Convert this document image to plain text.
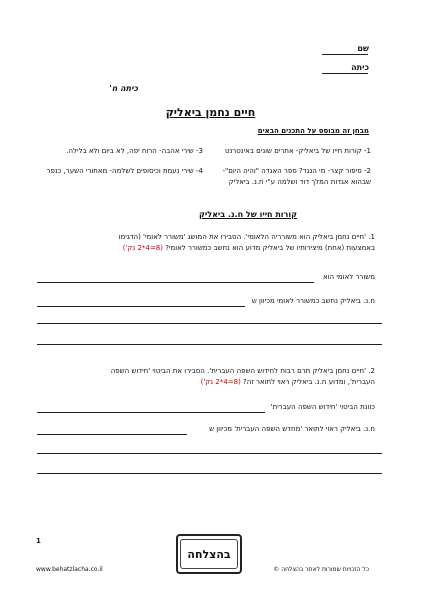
שם
כיתה
כיתה ח'
חיים נחמן ביאליק
מבחן זה מבוסס על התכנים הבאים
1- קורות חייו של ביאליק- אתרים שונים באינטרנט
3- שירי אהבה- הרוח יפה, לא ביום ולא בלילה.
2- סיפור קצר- מי הנגד? ספר האגדה "והיה היום"- שבהוא אגדות המלך דוד ושלמה ע"י ח.נ. ביאליק
4- שירי נעמת וכיסופים לשלמה- מאחורי השער, כנפר
קורות חייו של ח.נ. ביאליק
1. 'חיים נחמן ביאליק הוא משורריה הלאומי'. הסבירו את המושג 'משורר לאומי' (הדגימו
באמצעות (אחת) מיצירותיו של ביאליק מדוע הוא נחשב כמשורר לאומי? (8=4*2 נק')
משורר לאומי הוא
ח.נ. ביאליק נחשב כמשורר לאומי מכיוון ש
2. 'חיים נחמן ביאליק תרם רבות לחידוש השפה העברית'. הסבירו את הביטוי 'חידוש השפה
העברית', ומדוע ח.נ. ביאליק ראוי לתואר זה? (8=4*2 נק')
כוונת הביטוי 'חידוש השפה העברית'
ח.נ. ביאליק ראוי לתואר 'מחדש השפה העברית' מכיוון ש
1
בהצלחה
www.behatzlacha.co.il	כל הזכויות שמורות לאתר בהצלחה ©
